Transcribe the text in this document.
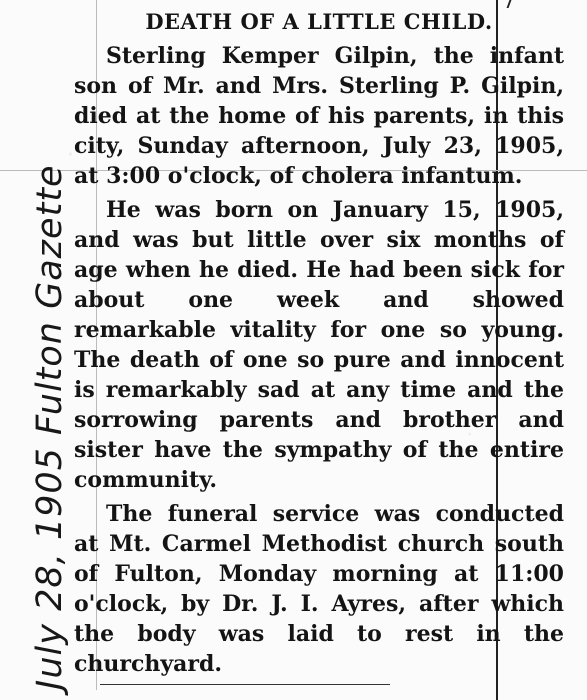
July 28, 1905 Fulton Gazette
DEATH OF A LITTLE CHILD.

Sterling Kemper Gilpin, the infant son of Mr. and Mrs. Sterling P. Gilpin, died at the home of his parents, in this city, Sunday afternoon, July 23, 1905, at 3:00 o'clock, of cholera infantum.

He was born on January 15, 1905, and was but little over six months of age when he died. He had been sick for about one week and showed remarkable vitality for one so young. The death of one so pure and innocent is remarkably sad at any time and the sorrowing parents and brother and sister have the sympathy of the entire community.

The funeral service was conducted at Mt. Carmel Methodist church south of Fulton, Monday morning at 11:00 o'clock, by Dr. J. I. Ayres, after which the body was laid to rest in the churchyard.
